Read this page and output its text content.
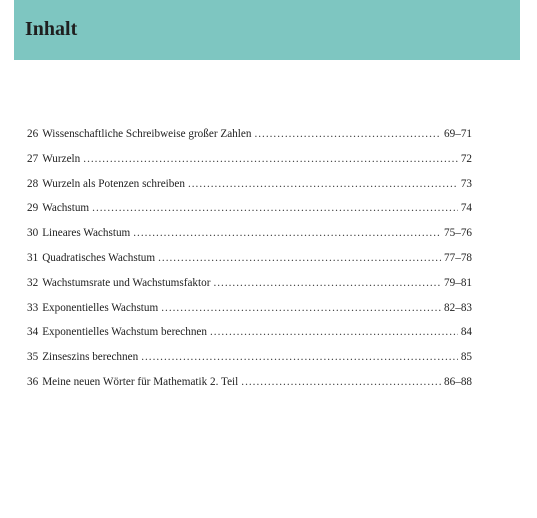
Inhalt
26 Wissenschaftliche Schreibweise großer Zahlen .....	69–71
27 Wurzeln .....	72
28 Wurzeln als Potenzen schreiben .....	73
29 Wachstum .....	74
30 Lineares Wachstum .....	75–76
31 Quadratisches Wachstum .....	77–78
32 Wachstumsrate und Wachstumsfaktor .....	79–81
33 Exponentielles Wachstum .....	82–83
34 Exponentielles Wachstum berechnen .....	84
35 Zinseszins berechnen .....	85
36 Meine neuen Wörter für Mathematik 2. Teil .....	86–88
